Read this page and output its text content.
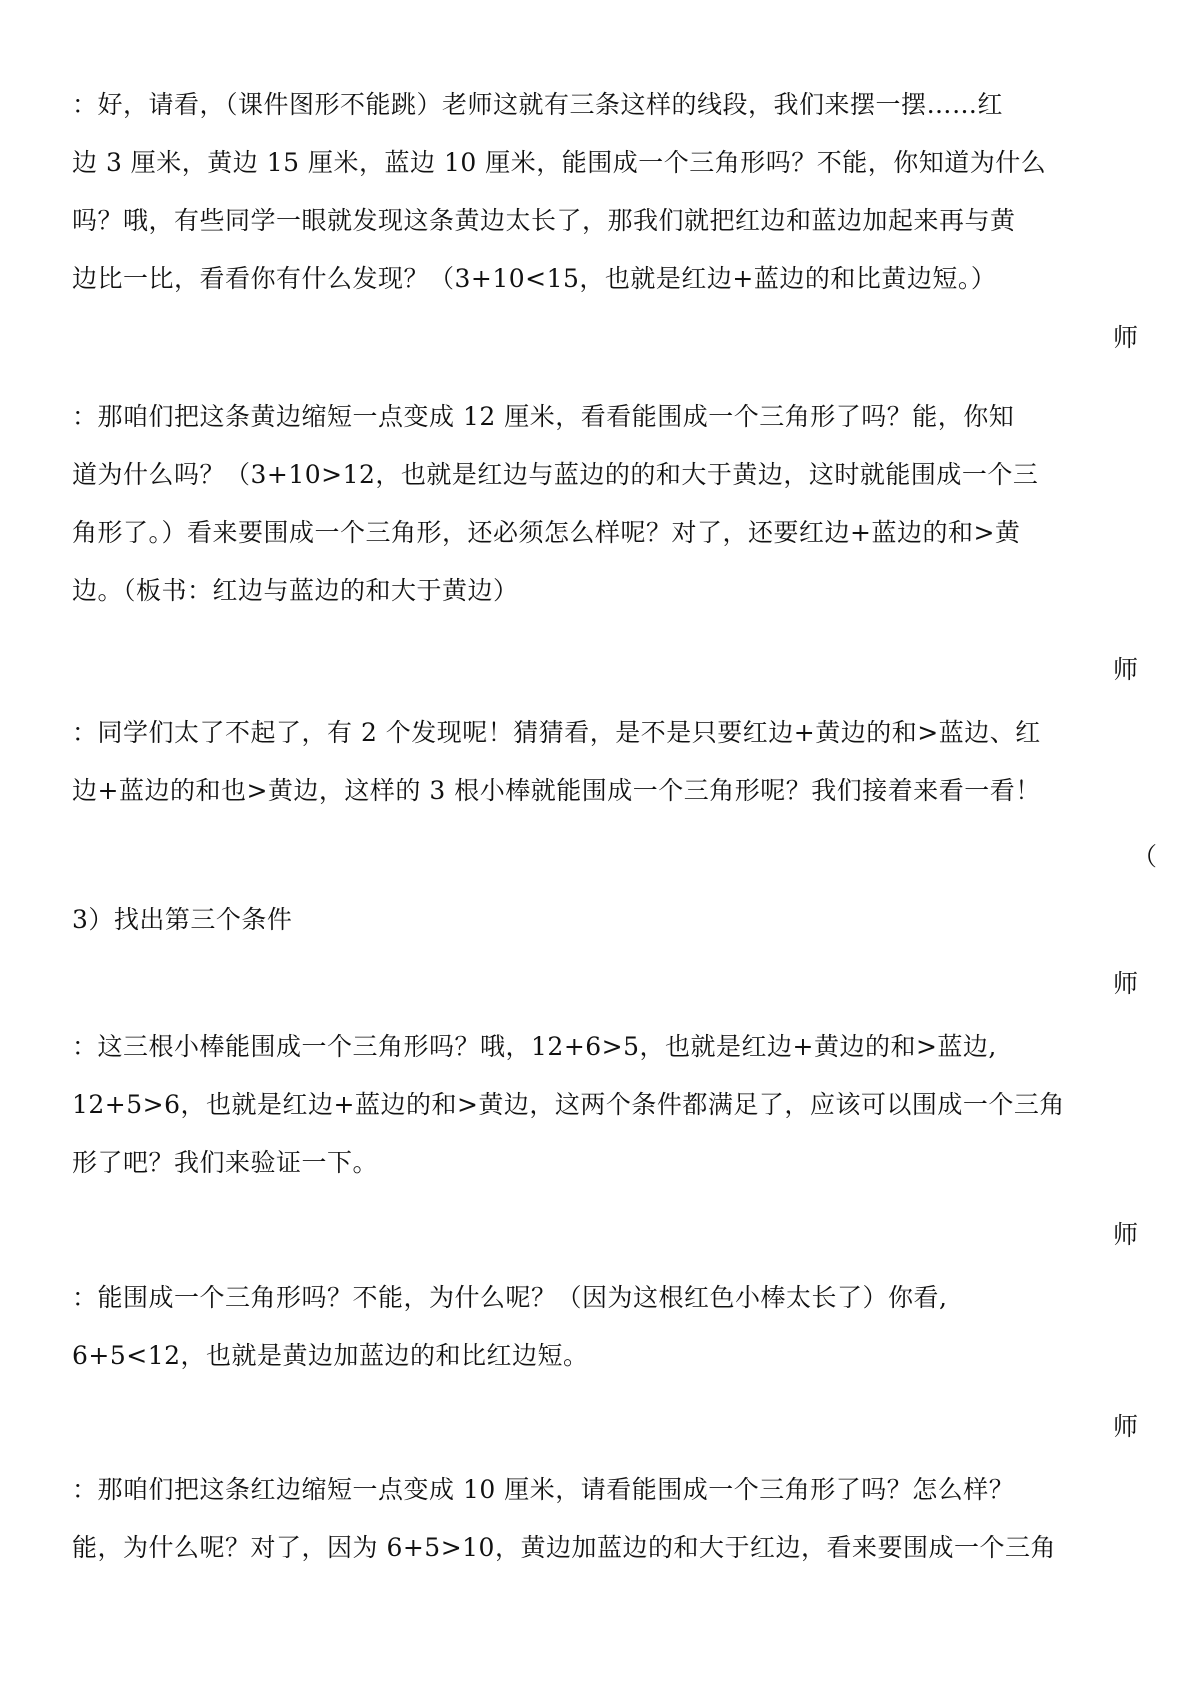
：好，请看，（课件图形不能跳）老师这就有三条这样的线段，我们来摆一摆……红
边 3 厘米，黄边 15 厘米，蓝边 10 厘米，能围成一个三角形吗？不能，你知道为什么
吗？哦，有些同学一眼就发现这条黄边太长了，那我们就把红边和蓝边加起来再与黄
边比一比，看看你有什么发现？（3+10<15，也就是红边+蓝边的和比黄边短。）
师
：那咱们把这条黄边缩短一点变成 12 厘米，看看能围成一个三角形了吗？能，你知
道为什么吗？（3+10>12，也就是红边与蓝边的的和大于黄边，这时就能围成一个三
角形了。）看来要围成一个三角形，还必须怎么样呢？对了，还要红边+蓝边的和>黄
边。（板书：红边与蓝边的和大于黄边）
师
：同学们太了不起了，有 2 个发现呢！猜猜看，是不是只要红边+黄边的和>蓝边、红
边+蓝边的和也>黄边，这样的 3 根小棒就能围成一个三角形呢？我们接着来看一看！
（
3）找出第三个条件
师
：这三根小棒能围成一个三角形吗？哦，12+6>5，也就是红边+黄边的和>蓝边,
12+5>6，也就是红边+蓝边的和>黄边，这两个条件都满足了，应该可以围成一个三角
形了吧？我们来验证一下。
师
：能围成一个三角形吗？不能，为什么呢？（因为这根红色小棒太长了）你看,
6+5<12，也就是黄边加蓝边的和比红边短。
师
：那咱们把这条红边缩短一点变成 10 厘米，请看能围成一个三角形了吗？怎么样？
能，为什么呢？对了，因为 6+5>10，黄边加蓝边的和大于红边，看来要围成一个三角
